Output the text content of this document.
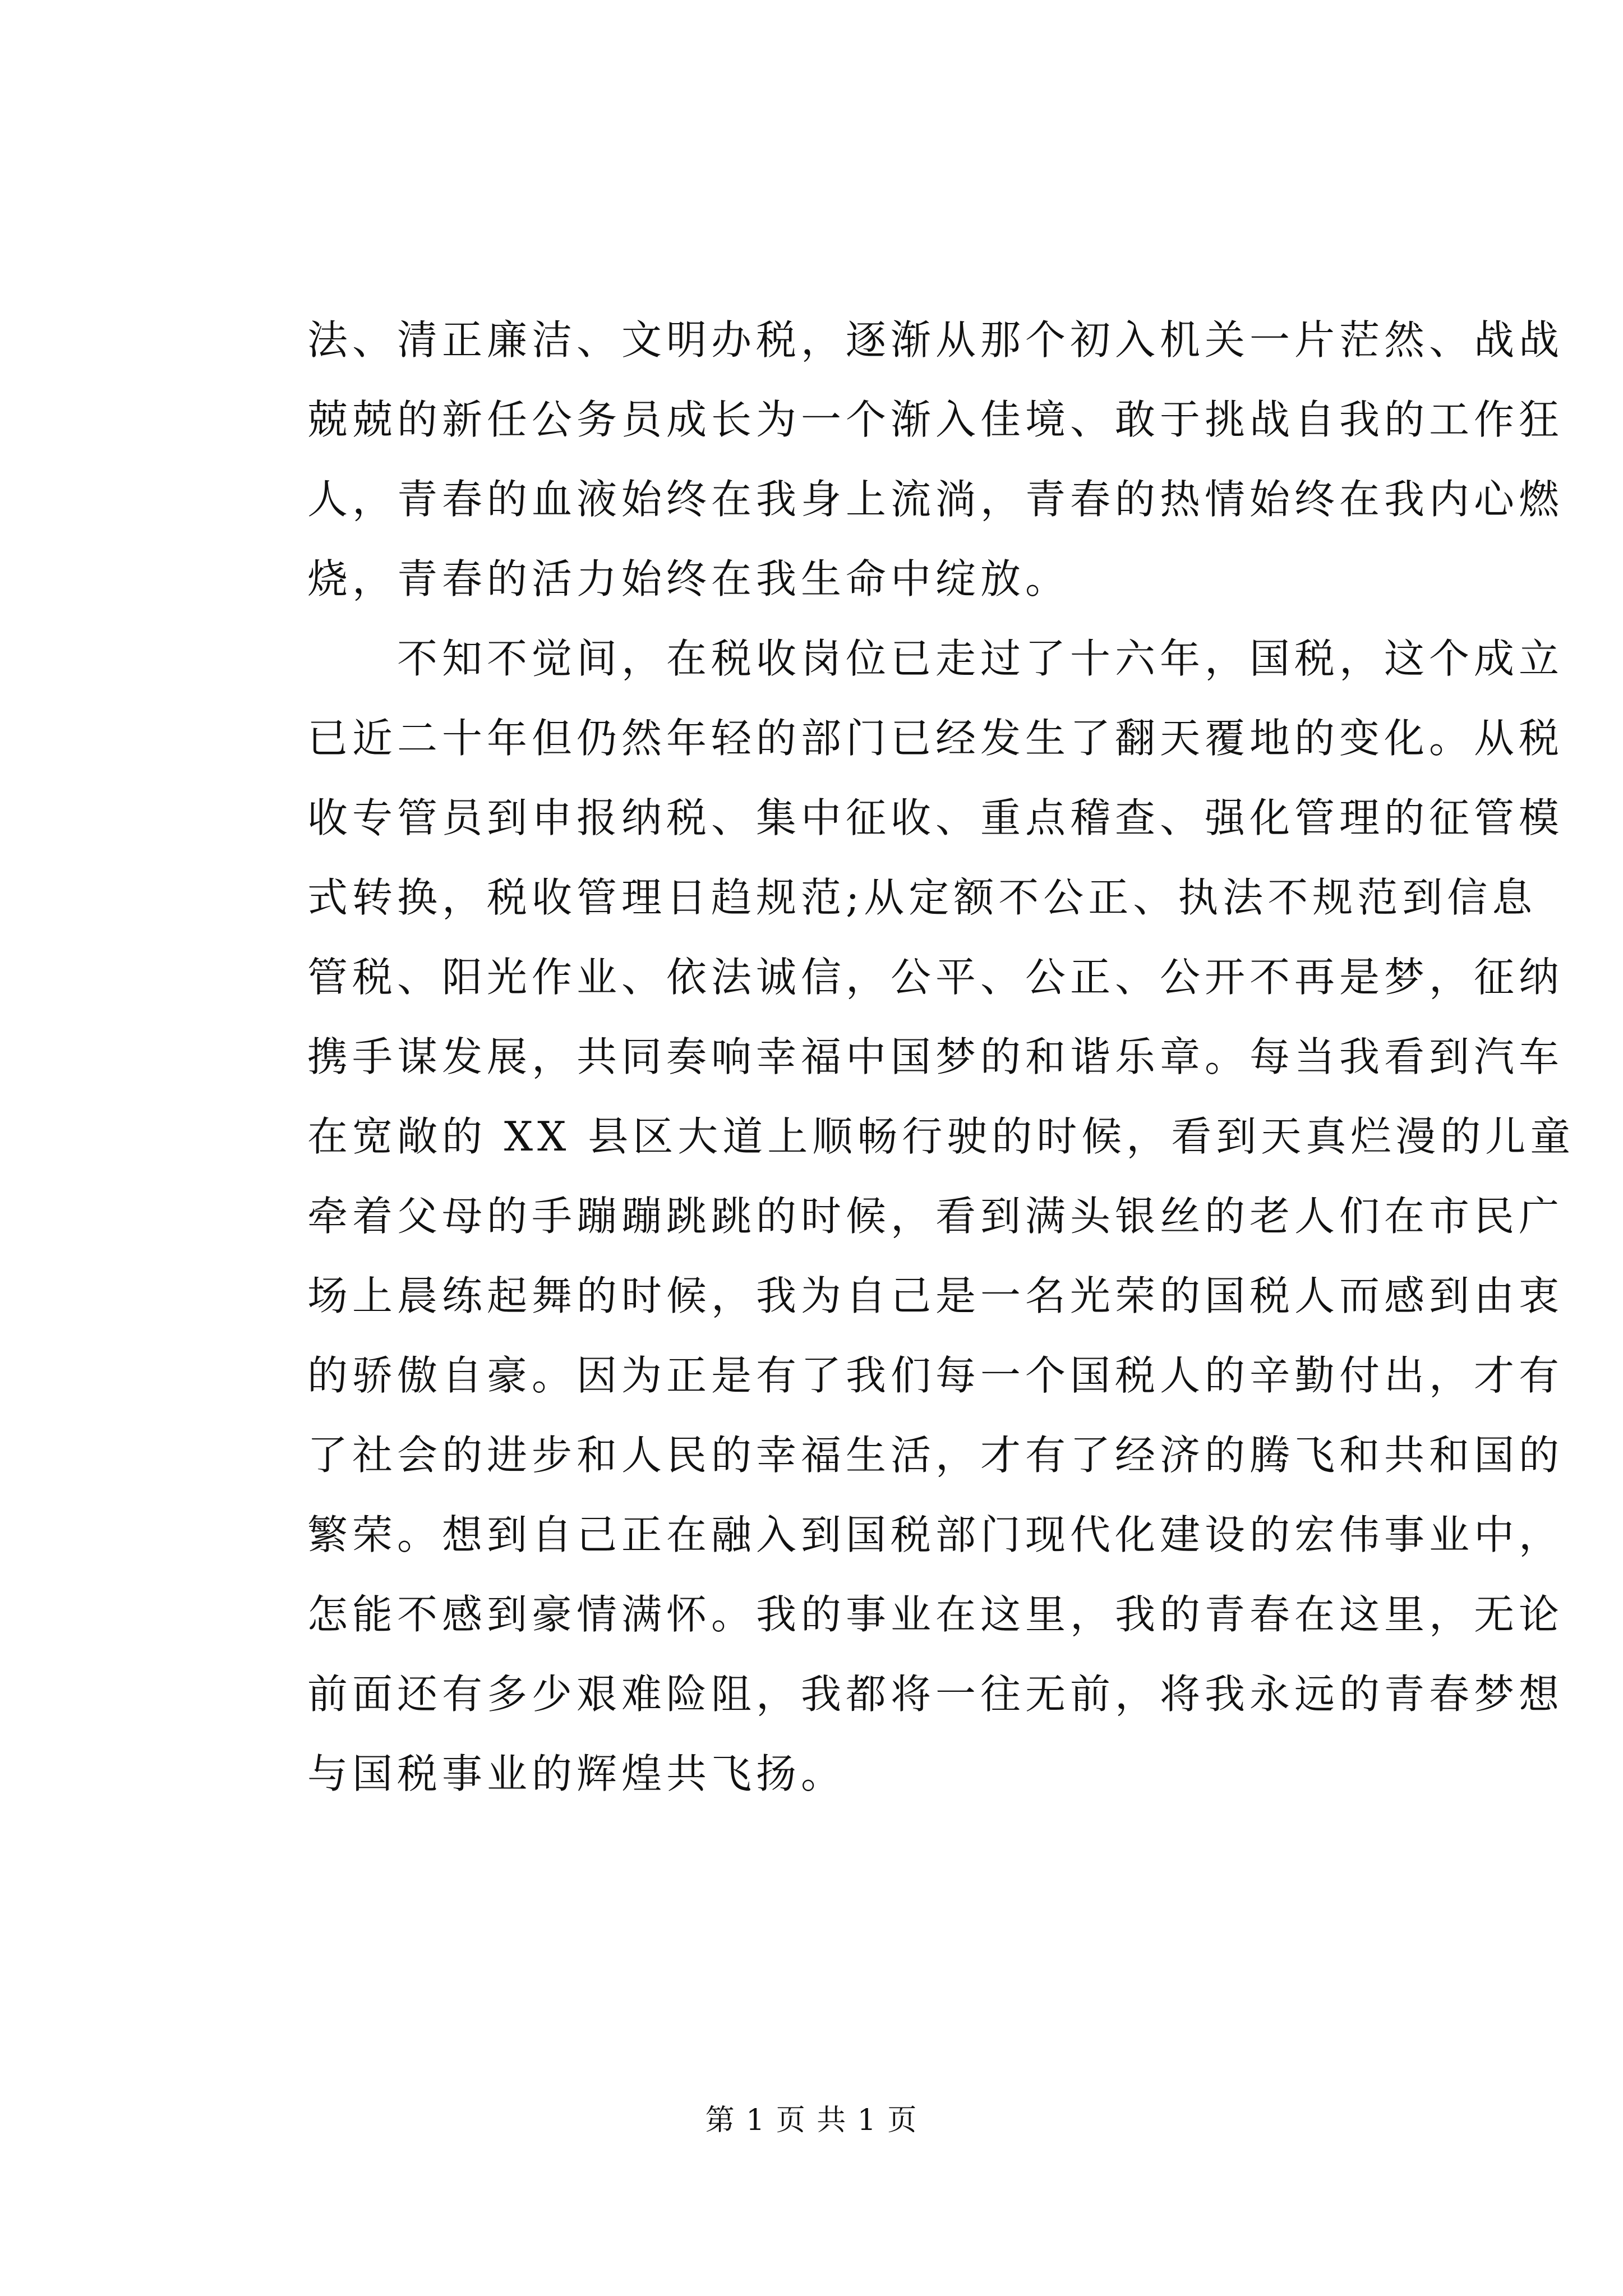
法、清正廉洁、文明办税，逐渐从那个初入机关一片茫然、战战
兢兢的新任公务员成长为一个渐入佳境、敢于挑战自我的工作狂
人，青春的血液始终在我身上流淌，青春的热情始终在我内心燃
烧，青春的活力始终在我生命中绽放。
　　不知不觉间，在税收岗位已走过了十六年，国税，这个成立
已近二十年但仍然年轻的部门已经发生了翻天覆地的变化。从税
收专管员到申报纳税、集中征收、重点稽查、强化管理的征管模
式转换，税收管理日趋规范;从定额不公正、执法不规范到信息
管税、阳光作业、依法诚信，公平、公正、公开不再是梦，征纳
携手谋发展，共同奏响幸福中国梦的和谐乐章。每当我看到汽车
在宽敞的 XX 县区大道上顺畅行驶的时候，看到天真烂漫的儿童
牵着父母的手蹦蹦跳跳的时候，看到满头银丝的老人们在市民广
场上晨练起舞的时候，我为自己是一名光荣的国税人而感到由衷
的骄傲自豪。因为正是有了我们每一个国税人的辛勤付出，才有
了社会的进步和人民的幸福生活，才有了经济的腾飞和共和国的
繁荣。想到自己正在融入到国税部门现代化建设的宏伟事业中，
怎能不感到豪情满怀。我的事业在这里，我的青春在这里，无论
前面还有多少艰难险阻，我都将一往无前，将我永远的青春梦想
与国税事业的辉煌共飞扬。
第 1 页 共 1 页
